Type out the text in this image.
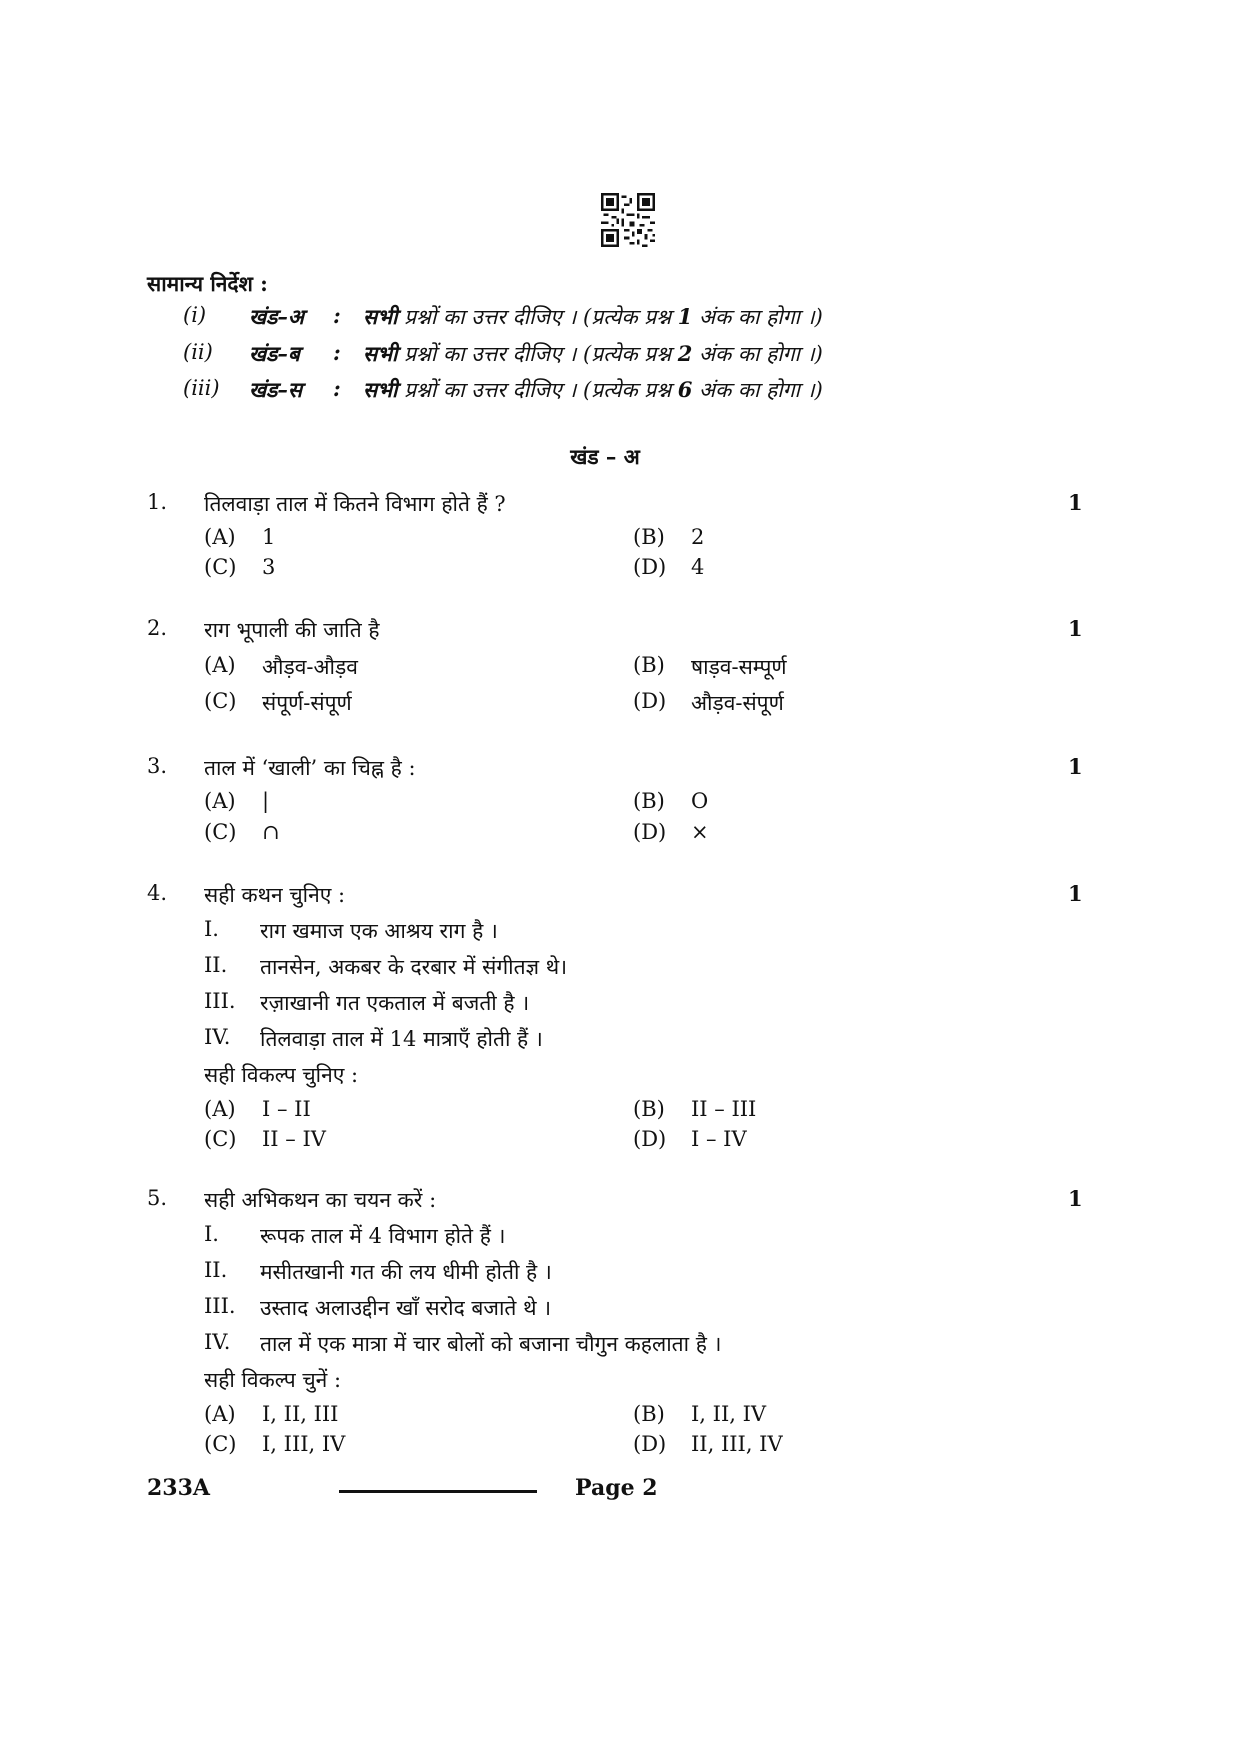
सामान्य निर्देश :
(i) खंड–अ : सभी प्रश्नों का उत्तर दीजिए । (प्रत्येक प्रश्न 1 अंक का होगा ।)
(ii) खंड–ब : सभी प्रश्नों का उत्तर दीजिए । (प्रत्येक प्रश्न 2 अंक का होगा ।)
(iii) खंड–स : सभी प्रश्नों का उत्तर दीजिए । (प्रत्येक प्रश्न 6 अंक का होगा ।)
खंड – अ
1. तिलवाड़ा ताल में कितने विभाग होते हैं ?	1
(A) 1	(B) 2
(C) 3	(D) 4
2. राग भूपाली की जाति है	1
(A) औड़व-औड़व	(B) षाड़व-सम्पूर्ण
(C) संपूर्ण-संपूर्ण	(D) औड़व-संपूर्ण
3. ताल में ‘खाली’ का चिह्न है :	1
(A) |	(B) O
(C) ∩	(D) ×
4. सही कथन चुनिए :	1
I. राग खमाज एक आश्रय राग है ।
II. तानसेन, अकबर के दरबार में संगीतज्ञ थे।
III. रज़ाखानी गत एकताल में बजती है ।
IV. तिलवाड़ा ताल में 14 मात्राएँ होती हैं ।
सही विकल्प चुनिए :
(A) I – II	(B) II – III
(C) II – IV	(D) I – IV
5. सही अभिकथन का चयन करें :	1
I. रूपक ताल में 4 विभाग होते हैं ।
II. मसीतखानी गत की लय धीमी होती है ।
III. उस्ताद अलाउद्दीन खाँ सरोद बजाते थे ।
IV. ताल में एक मात्रा में चार बोलों को बजाना चौगुन कहलाता है ।
सही विकल्प चुनें :
(A) I, II, III	(B) I, II, IV
(C) I, III, IV	(D) II, III, IV
233A	Page 2
